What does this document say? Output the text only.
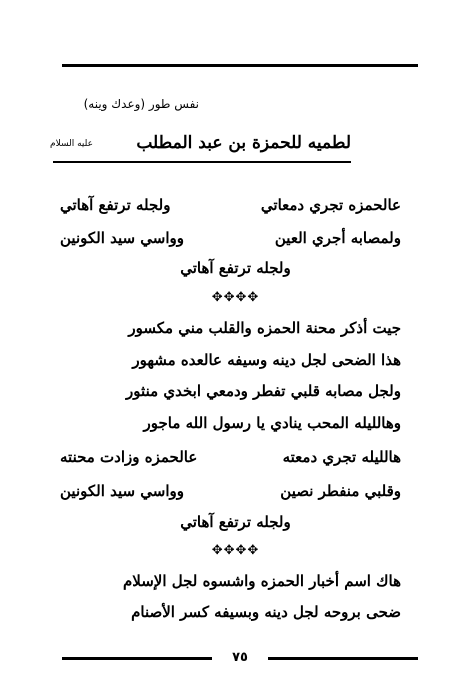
نفس طور (وعدك وينه)
لطميه للحمزة بن عبد المطلب
عليه السلام
عالحمزه تجري دمعاتي
ولجله ترتفع آهاتي
ولمصابه أجري العين
وواسي سيد الكونين
ولجله ترتفع آهاتي
✥✥✥✥
جيت أذكر محنة الحمزه والقلب مني مكسور
هذا الضحى لجل دينه وسيفه عالعده مشهور
ولجل مصابه قلبي تفطر ودمعي ابخدي منثور
وهالليله المحب ينادي يا رسول الله ماجور
هالليله تجري دمعته
عالحمزه وزادت محنته
وقلبي منفطر نصين
وواسي سيد الكونين
ولجله ترتفع آهاتي
✥✥✥✥
هاك اسم أخبار الحمزه واشسوه لجل الإسلام
ضحى بروحه لجل دينه وبسيفه كسر الأصنام
٧٥
